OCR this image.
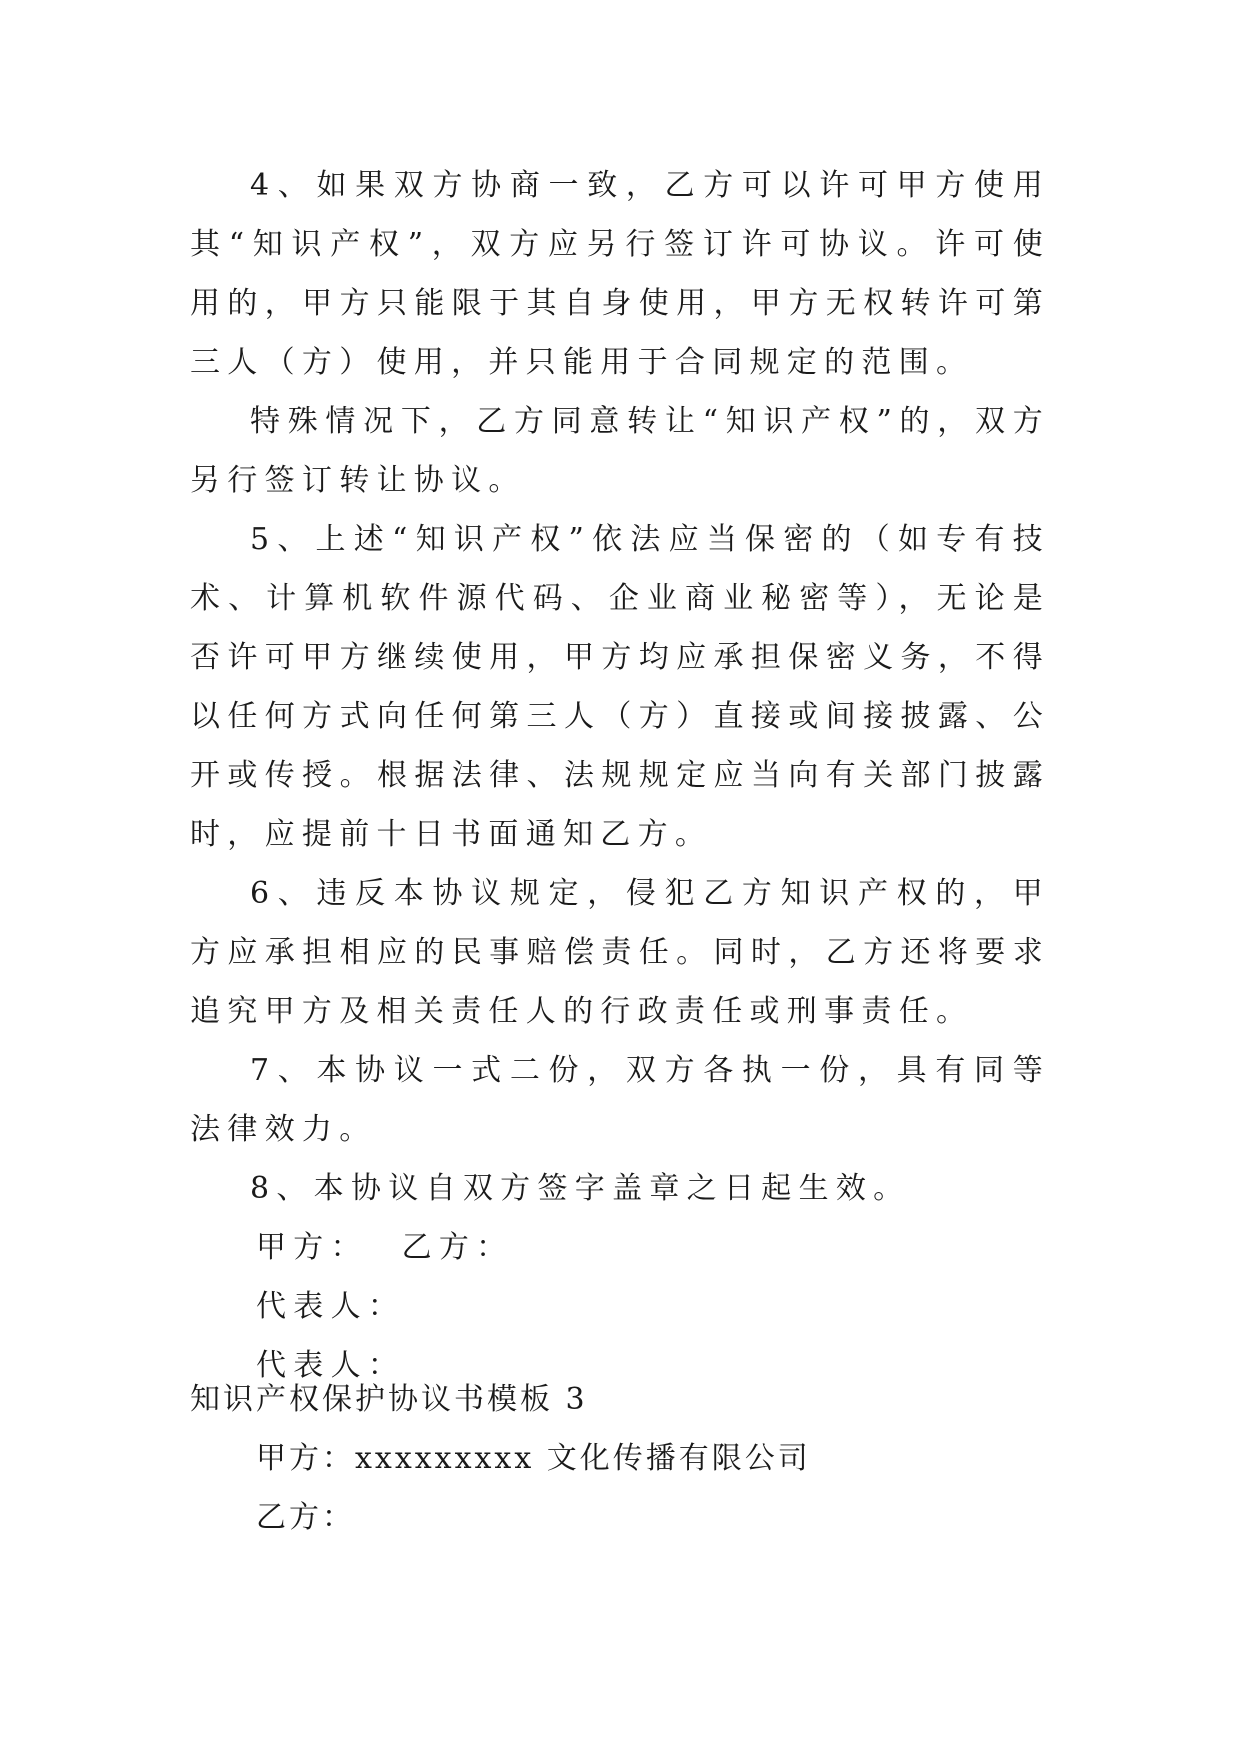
4、如果双方协商一致，乙方可以许可甲方使用其“知识产权”，双方应另行签订许可协议。许可使用的，甲方只能限于其自身使用，甲方无权转许可第三人（方）使用，并只能用于合同规定的范围。

特殊情况下，乙方同意转让“知识产权”的，双方另行签订转让协议。

5、上述“知识产权”依法应当保密的（如专有技术、计算机软件源代码、企业商业秘密等），无论是否许可甲方继续使用，甲方均应承担保密义务，不得以任何方式向任何第三人（方）直接或间接披露、公开或传授。根据法律、法规规定应当向有关部门披露时，应提前十日书面通知乙方。

6、违反本协议规定，侵犯乙方知识产权的，甲方应承担相应的民事赔偿责任。同时，乙方还将要求追究甲方及相关责任人的行政责任或刑事责任。

7、本协议一式二份，双方各执一份，具有同等法律效力。

8、本协议自双方签字盖章之日起生效。

甲方：  乙方：

代表人：

代表人：

知识产权保护协议书模板 3

甲方：xxxxxxxxx 文化传播有限公司

乙方：
